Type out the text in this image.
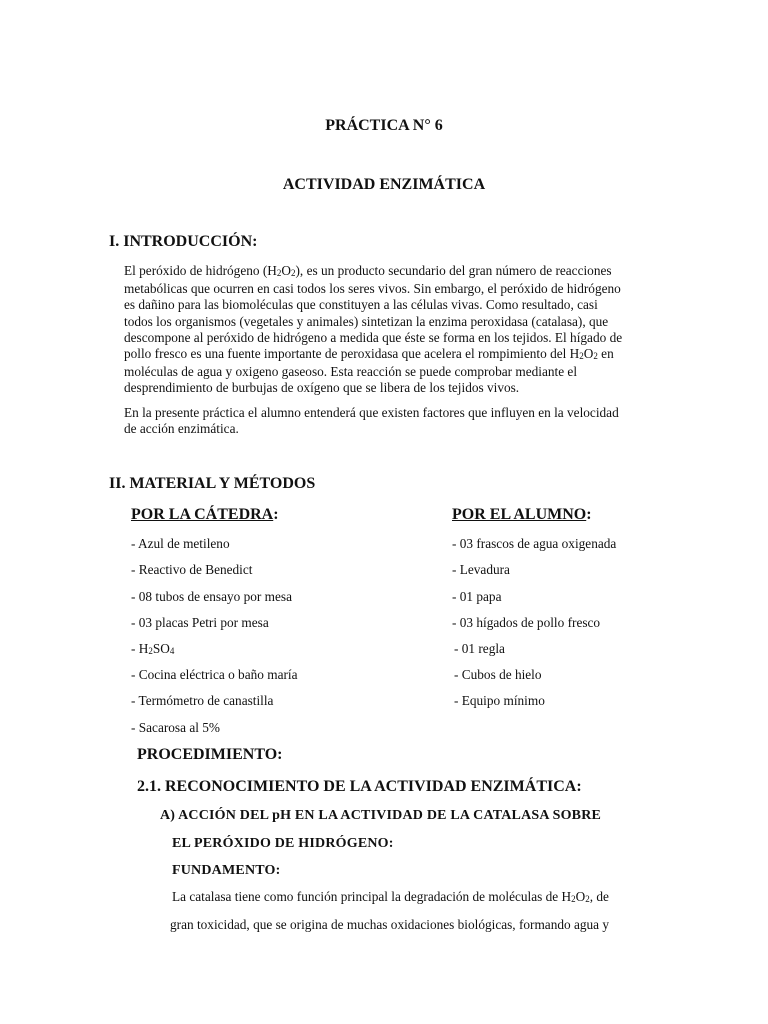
PRÁCTICA N° 6
ACTIVIDAD ENZIMÁTICA
I. INTRODUCCIÓN:
El peróxido de hidrógeno (H2O2), es un producto secundario del gran número de reacciones
metabólicas que ocurren en casi todos los seres vivos. Sin embargo, el peróxido de hidrógeno
es dañino para las biomoléculas que constituyen a las células vivas. Como resultado, casi
todos los organismos (vegetales y animales) sintetizan la enzima peroxidasa (catalasa), que
descompone al peróxido de hidrógeno a medida que éste se forma en los tejidos. El hígado de
pollo fresco es una fuente importante de peroxidasa que acelera el rompimiento del H2O2 en
moléculas de agua y oxigeno gaseoso. Esta reacción se puede comprobar mediante el
desprendimiento de burbujas de oxígeno que se libera de los tejidos vivos.
En la presente práctica el alumno entenderá que existen factores que influyen en la velocidad
de acción enzimática.
II. MATERIAL Y MÉTODOS
POR LA CÁTEDRA:	POR EL ALUMNO:
- Azul de metileno
- Reactivo de Benedict
- 08 tubos de ensayo por mesa
- 03 placas Petri por mesa
- H2SO4
- Cocina eléctrica o baño maría
- Termómetro de canastilla
- Sacarosa al 5%
- 03 frascos de agua oxigenada
- Levadura
- 01 papa
- 03 hígados de pollo fresco
- 01 regla
- Cubos de hielo
- Equipo mínimo
PROCEDIMIENTO:
2.1. RECONOCIMIENTO DE LA ACTIVIDAD ENZIMÁTICA:
A) ACCIÓN DEL pH EN LA ACTIVIDAD DE LA CATALASA SOBRE
EL PERÓXIDO DE HIDRÓGENO:
FUNDAMENTO:
La catalasa tiene como función principal la degradación de moléculas de H2O2, de
gran toxicidad, que se origina de muchas oxidaciones biológicas, formando agua y
